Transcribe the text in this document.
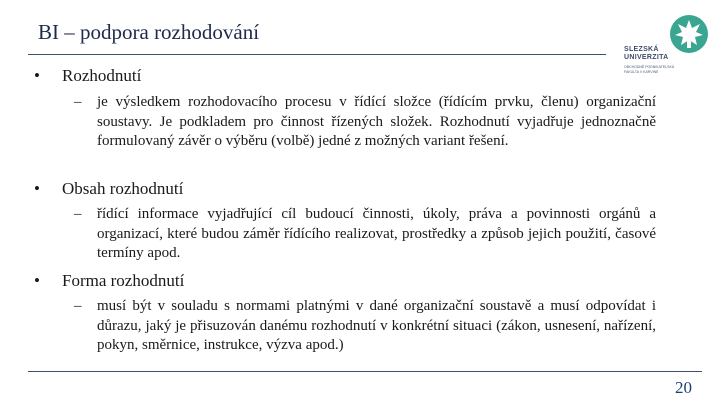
BI – podpora rozhodování
SLEZSKÁ
UNIVERZITA
OBCHODNĚ PODNIKATELSKÁ
FAKULTA V KARVINÉ
• Rozhodnutí
– je výsledkem rozhodovacího procesu v řídící složce (řídícím prvku, členu) organizační soustavy. Je podkladem pro činnost řízených složek. Rozhodnutí vyjadřuje jednoznačně formulovaný závěr o výběru (volbě) jedné z možných variant řešení.
• Obsah rozhodnutí
– řídící informace vyjadřující cíl budoucí činnosti, úkoly, práva a povinnosti orgánů a organizací, které budou záměr řídícího realizovat, prostředky a způsob jejich použití, časové termíny apod.
• Forma rozhodnutí
– musí být v souladu s normami platnými v dané organizační soustavě a musí odpovídat i důrazu, jaký je přisuzován danému rozhodnutí v konkrétní situaci (zákon, usnesení, nařízení, pokyn, směrnice, instrukce, výzva apod.)
20
